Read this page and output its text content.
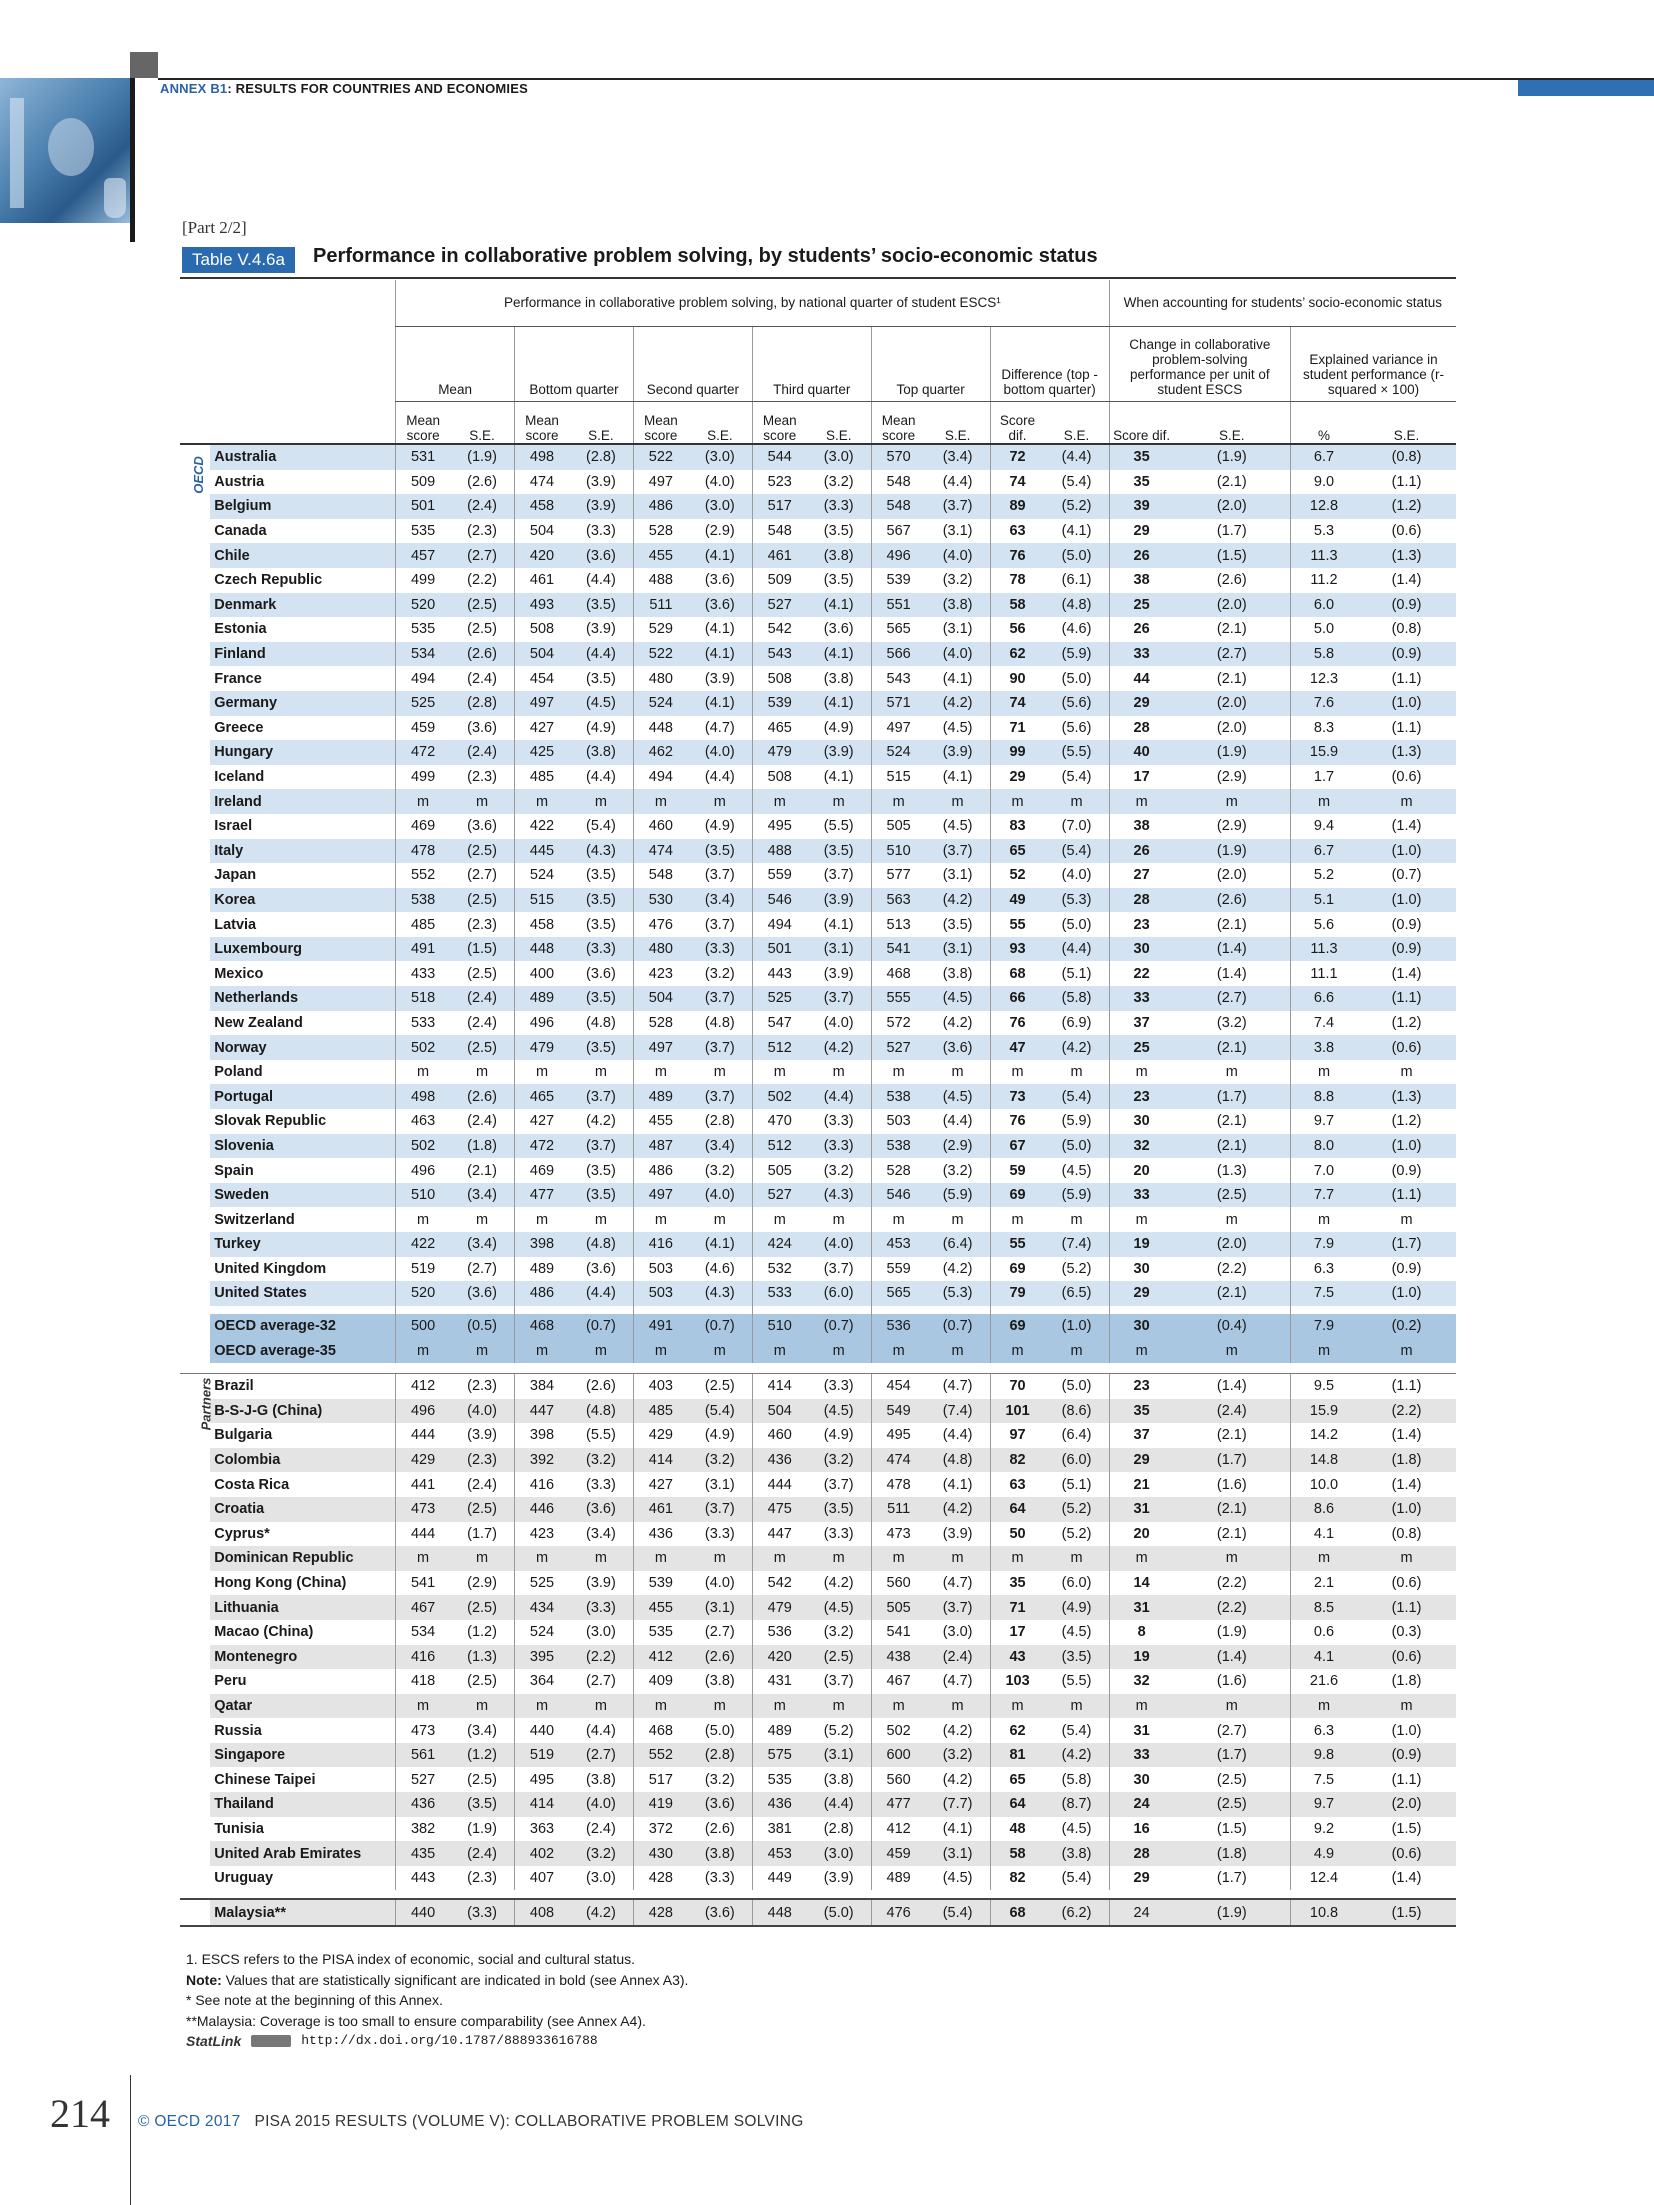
ANNEX B1: RESULTS FOR COUNTRIES AND ECONOMIES
[Part 2/2]
Table V.4.6a	Performance in collaborative problem solving, by students’ socio-economic status
		Performance in collaborative problem solving, by national quarter of student ESCS¹												When accounting for students’ socio-economic status			
		Mean		Bottom quarter		Second quarter		Third quarter		Top quarter		Difference (top - bottom quarter)		Change in collaborative problem-solving performance per unit of student ESCS		Explained variance in student performance (r-squared × 100)	
		Mean score	S.E.	Mean score	S.E.	Mean score	S.E.	Mean score	S.E.	Mean score	S.E.	Score dif.	S.E.	Score dif.	S.E.	%	S.E.
OECD	Australia	531	(1.9)	498	(2.8)	522	(3.0)	544	(3.0)	570	(3.4)	72	(4.4)	35	(1.9)	6.7	(0.8)
	Austria	509	(2.6)	474	(3.9)	497	(4.0)	523	(3.2)	548	(4.4)	74	(5.4)	35	(2.1)	9.0	(1.1)
	Belgium	501	(2.4)	458	(3.9)	486	(3.0)	517	(3.3)	548	(3.7)	89	(5.2)	39	(2.0)	12.8	(1.2)
	Canada	535	(2.3)	504	(3.3)	528	(2.9)	548	(3.5)	567	(3.1)	63	(4.1)	29	(1.7)	5.3	(0.6)
	Chile	457	(2.7)	420	(3.6)	455	(4.1)	461	(3.8)	496	(4.0)	76	(5.0)	26	(1.5)	11.3	(1.3)
	Czech Republic	499	(2.2)	461	(4.4)	488	(3.6)	509	(3.5)	539	(3.2)	78	(6.1)	38	(2.6)	11.2	(1.4)
	Denmark	520	(2.5)	493	(3.5)	511	(3.6)	527	(4.1)	551	(3.8)	58	(4.8)	25	(2.0)	6.0	(0.9)
	Estonia	535	(2.5)	508	(3.9)	529	(4.1)	542	(3.6)	565	(3.1)	56	(4.6)	26	(2.1)	5.0	(0.8)
	Finland	534	(2.6)	504	(4.4)	522	(4.1)	543	(4.1)	566	(4.0)	62	(5.9)	33	(2.7)	5.8	(0.9)
	France	494	(2.4)	454	(3.5)	480	(3.9)	508	(3.8)	543	(4.1)	90	(5.0)	44	(2.1)	12.3	(1.1)
	Germany	525	(2.8)	497	(4.5)	524	(4.1)	539	(4.1)	571	(4.2)	74	(5.6)	29	(2.0)	7.6	(1.0)
	Greece	459	(3.6)	427	(4.9)	448	(4.7)	465	(4.9)	497	(4.5)	71	(5.6)	28	(2.0)	8.3	(1.1)
	Hungary	472	(2.4)	425	(3.8)	462	(4.0)	479	(3.9)	524	(3.9)	99	(5.5)	40	(1.9)	15.9	(1.3)
	Iceland	499	(2.3)	485	(4.4)	494	(4.4)	508	(4.1)	515	(4.1)	29	(5.4)	17	(2.9)	1.7	(0.6)
	Ireland	m	m	m	m	m	m	m	m	m	m	m	m	m	m	m	m
	Israel	469	(3.6)	422	(5.4)	460	(4.9)	495	(5.5)	505	(4.5)	83	(7.0)	38	(2.9)	9.4	(1.4)
	Italy	478	(2.5)	445	(4.3)	474	(3.5)	488	(3.5)	510	(3.7)	65	(5.4)	26	(1.9)	6.7	(1.0)
	Japan	552	(2.7)	524	(3.5)	548	(3.7)	559	(3.7)	577	(3.1)	52	(4.0)	27	(2.0)	5.2	(0.7)
	Korea	538	(2.5)	515	(3.5)	530	(3.4)	546	(3.9)	563	(4.2)	49	(5.3)	28	(2.6)	5.1	(1.0)
	Latvia	485	(2.3)	458	(3.5)	476	(3.7)	494	(4.1)	513	(3.5)	55	(5.0)	23	(2.1)	5.6	(0.9)
	Luxembourg	491	(1.5)	448	(3.3)	480	(3.3)	501	(3.1)	541	(3.1)	93	(4.4)	30	(1.4)	11.3	(0.9)
	Mexico	433	(2.5)	400	(3.6)	423	(3.2)	443	(3.9)	468	(3.8)	68	(5.1)	22	(1.4)	11.1	(1.4)
	Netherlands	518	(2.4)	489	(3.5)	504	(3.7)	525	(3.7)	555	(4.5)	66	(5.8)	33	(2.7)	6.6	(1.1)
	New Zealand	533	(2.4)	496	(4.8)	528	(4.8)	547	(4.0)	572	(4.2)	76	(6.9)	37	(3.2)	7.4	(1.2)
	Norway	502	(2.5)	479	(3.5)	497	(3.7)	512	(4.2)	527	(3.6)	47	(4.2)	25	(2.1)	3.8	(0.6)
	Poland	m	m	m	m	m	m	m	m	m	m	m	m	m	m	m	m
	Portugal	498	(2.6)	465	(3.7)	489	(3.7)	502	(4.4)	538	(4.5)	73	(5.4)	23	(1.7)	8.8	(1.3)
	Slovak Republic	463	(2.4)	427	(4.2)	455	(2.8)	470	(3.3)	503	(4.4)	76	(5.9)	30	(2.1)	9.7	(1.2)
	Slovenia	502	(1.8)	472	(3.7)	487	(3.4)	512	(3.3)	538	(2.9)	67	(5.0)	32	(2.1)	8.0	(1.0)
	Spain	496	(2.1)	469	(3.5)	486	(3.2)	505	(3.2)	528	(3.2)	59	(4.5)	20	(1.3)	7.0	(0.9)
	Sweden	510	(3.4)	477	(3.5)	497	(4.0)	527	(4.3)	546	(5.9)	69	(5.9)	33	(2.5)	7.7	(1.1)
	Switzerland	m	m	m	m	m	m	m	m	m	m	m	m	m	m	m	m
	Turkey	422	(3.4)	398	(4.8)	416	(4.1)	424	(4.0)	453	(6.4)	55	(7.4)	19	(2.0)	7.9	(1.7)
	United Kingdom	519	(2.7)	489	(3.6)	503	(4.6)	532	(3.7)	559	(4.2)	69	(5.2)	30	(2.2)	6.3	(0.9)
	United States	520	(3.6)	486	(4.4)	503	(4.3)	533	(6.0)	565	(5.3)	79	(6.5)	29	(2.1)	7.5	(1.0)

	OECD average-32	500	(0.5)	468	(0.7)	491	(0.7)	510	(0.7)	536	(0.7)	69	(1.0)	30	(0.4)	7.9	(0.2)
	OECD average-35	m	m	m	m	m	m	m	m	m	m	m	m	m	m	m	m

Partners	Brazil	412	(2.3)	384	(2.6)	403	(2.5)	414	(3.3)	454	(4.7)	70	(5.0)	23	(1.4)	9.5	(1.1)
	B-S-J-G (China)	496	(4.0)	447	(4.8)	485	(5.4)	504	(4.5)	549	(7.4)	101	(8.6)	35	(2.4)	15.9	(2.2)
	Bulgaria	444	(3.9)	398	(5.5)	429	(4.9)	460	(4.9)	495	(4.4)	97	(6.4)	37	(2.1)	14.2	(1.4)
	Colombia	429	(2.3)	392	(3.2)	414	(3.2)	436	(3.2)	474	(4.8)	82	(6.0)	29	(1.7)	14.8	(1.8)
	Costa Rica	441	(2.4)	416	(3.3)	427	(3.1)	444	(3.7)	478	(4.1)	63	(5.1)	21	(1.6)	10.0	(1.4)
	Croatia	473	(2.5)	446	(3.6)	461	(3.7)	475	(3.5)	511	(4.2)	64	(5.2)	31	(2.1)	8.6	(1.0)
	Cyprus*	444	(1.7)	423	(3.4)	436	(3.3)	447	(3.3)	473	(3.9)	50	(5.2)	20	(2.1)	4.1	(0.8)
	Dominican Republic	m	m	m	m	m	m	m	m	m	m	m	m	m	m	m	m
	Hong Kong (China)	541	(2.9)	525	(3.9)	539	(4.0)	542	(4.2)	560	(4.7)	35	(6.0)	14	(2.2)	2.1	(0.6)
	Lithuania	467	(2.5)	434	(3.3)	455	(3.1)	479	(4.5)	505	(3.7)	71	(4.9)	31	(2.2)	8.5	(1.1)
	Macao (China)	534	(1.2)	524	(3.0)	535	(2.7)	536	(3.2)	541	(3.0)	17	(4.5)	8	(1.9)	0.6	(0.3)
	Montenegro	416	(1.3)	395	(2.2)	412	(2.6)	420	(2.5)	438	(2.4)	43	(3.5)	19	(1.4)	4.1	(0.6)
	Peru	418	(2.5)	364	(2.7)	409	(3.8)	431	(3.7)	467	(4.7)	103	(5.5)	32	(1.6)	21.6	(1.8)
	Qatar	m	m	m	m	m	m	m	m	m	m	m	m	m	m	m	m
	Russia	473	(3.4)	440	(4.4)	468	(5.0)	489	(5.2)	502	(4.2)	62	(5.4)	31	(2.7)	6.3	(1.0)
	Singapore	561	(1.2)	519	(2.7)	552	(2.8)	575	(3.1)	600	(3.2)	81	(4.2)	33	(1.7)	9.8	(0.9)
	Chinese Taipei	527	(2.5)	495	(3.8)	517	(3.2)	535	(3.8)	560	(4.2)	65	(5.8)	30	(2.5)	7.5	(1.1)
	Thailand	436	(3.5)	414	(4.0)	419	(3.6)	436	(4.4)	477	(7.7)	64	(8.7)	24	(2.5)	9.7	(2.0)
	Tunisia	382	(1.9)	363	(2.4)	372	(2.6)	381	(2.8)	412	(4.1)	48	(4.5)	16	(1.5)	9.2	(1.5)
	United Arab Emirates	435	(2.4)	402	(3.2)	430	(3.8)	453	(3.0)	459	(3.1)	58	(3.8)	28	(1.8)	4.9	(0.6)
	Uruguay	443	(2.3)	407	(3.0)	428	(3.3)	449	(3.9)	489	(4.5)	82	(5.4)	29	(1.7)	12.4	(1.4)

	Malaysia**	440	(3.3)	408	(4.2)	428	(3.6)	448	(5.0)	476	(5.4)	68	(6.2)	24	(1.9)	10.8	(1.5)
1. ESCS refers to the PISA index of economic, social and cultural status.
Note: Values that are statistically significant are indicated in bold (see Annex A3).
* See note at the beginning of this Annex.
**Malaysia: Coverage is too small to ensure comparability (see Annex A4).
StatLink	http://dx.doi.org/10.1787/888933616788
214 © OECD 2017 PISA 2015 RESULTS (VOLUME V): COLLABORATIVE PROBLEM SOLVING
